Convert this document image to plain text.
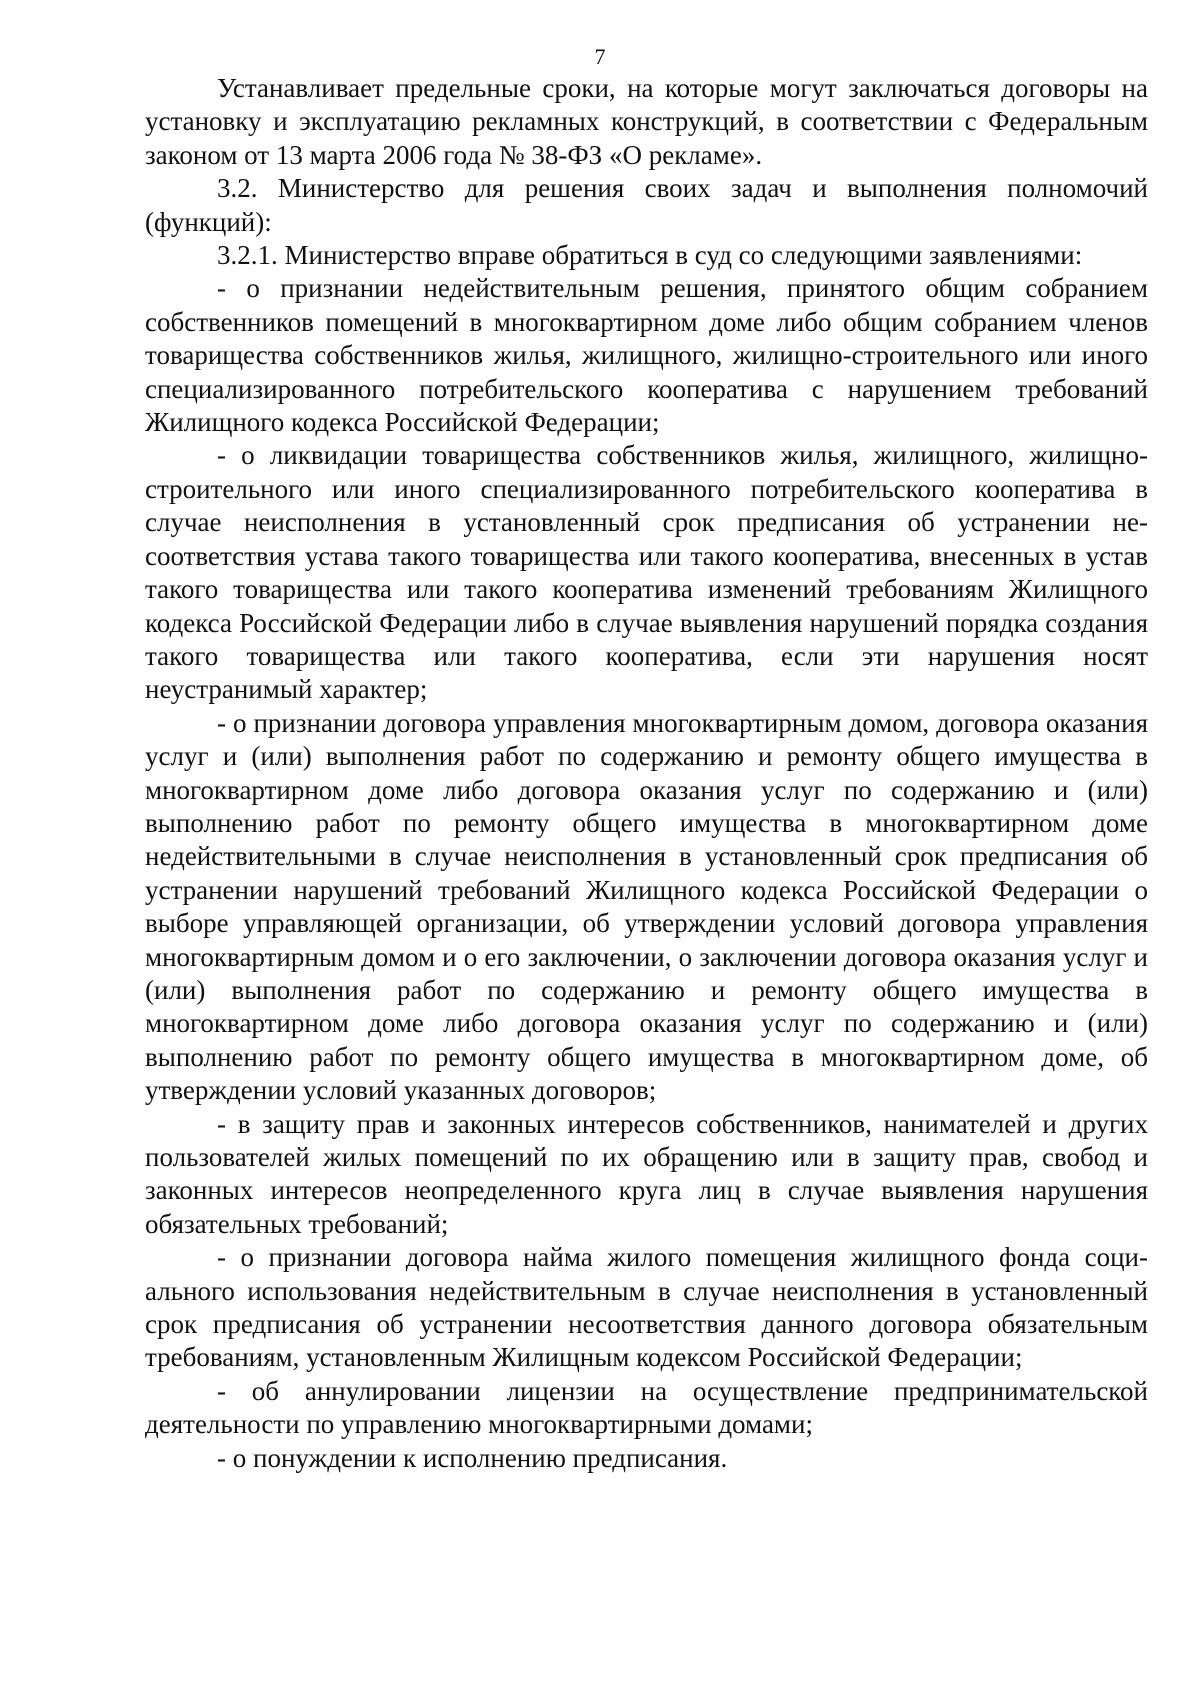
7

Устанавливает предельные сроки, на которые могут заключаться договоры на установку и эксплуатацию рекламных конструкций, в соответствии с Федеральным законом от 13 марта 2006 года № 38-ФЗ «О рекламе».

3.2. Министерство для решения своих задач и выполнения полномочий (функций):

3.2.1. Министерство вправе обратиться в суд со следующими заявлениями:

- о признании недействительным решения, принятого общим собранием собственников помещений в многоквартирном доме либо общим собранием членов товарищества собственников жилья, жилищного, жилищно-строительного или иного специализированного потребительского кооператива с нарушением требований Жилищного кодекса Российской Федерации;

- о ликвидации товарищества собственников жилья, жилищного, жилищно-строительного или иного специализированного потребительского кооператива в случае неисполнения в установленный срок предписания об устранении несоответствия устава такого товарищества или такого кооператива, внесенных в устав такого товарищества или такого кооператива изменений требованиям Жилищного кодекса Российской Федерации либо в случае выявления нарушений порядка создания такого товарищества или такого кооператива, если эти нарушения носят неустранимый характер;

- о признании договора управления многоквартирным домом, договора оказания услуг и (или) выполнения работ по содержанию и ремонту общего имущества в многоквартирном доме либо договора оказания услуг по содержанию и (или) выполнению работ по ремонту общего имущества в многоквартирном доме недействительными в случае неисполнения в установленный срок предписания об устранении нарушений требований Жилищного кодекса Российской Федерации о выборе управляющей организации, об утверждении условий договора управления многоквартирным домом и о его заключении, о заключении договора оказания услуг и (или) выполнения работ по содержанию и ремонту общего имущества в многоквартирном доме либо договора оказания услуг по содержанию и (или) выполнению работ по ремонту общего имущества в многоквартирном доме, об утверждении условий указанных договоров;

- в защиту прав и законных интересов собственников, нанимателей и других пользователей жилых помещений по их обращению или в защиту прав, свобод и законных интересов неопределенного круга лиц в случае выявления нарушения обязательных требований;

- о признании договора найма жилого помещения жилищного фонда социального использования недействительным в случае неисполнения в установленный срок предписания об устранении несоответствия данного договора обязательным требованиям, установленным Жилищным кодексом Российской Федерации;

- об аннулировании лицензии на осуществление предпринимательской деятельности по управлению многоквартирными домами;

- о понуждении к исполнению предписания.
